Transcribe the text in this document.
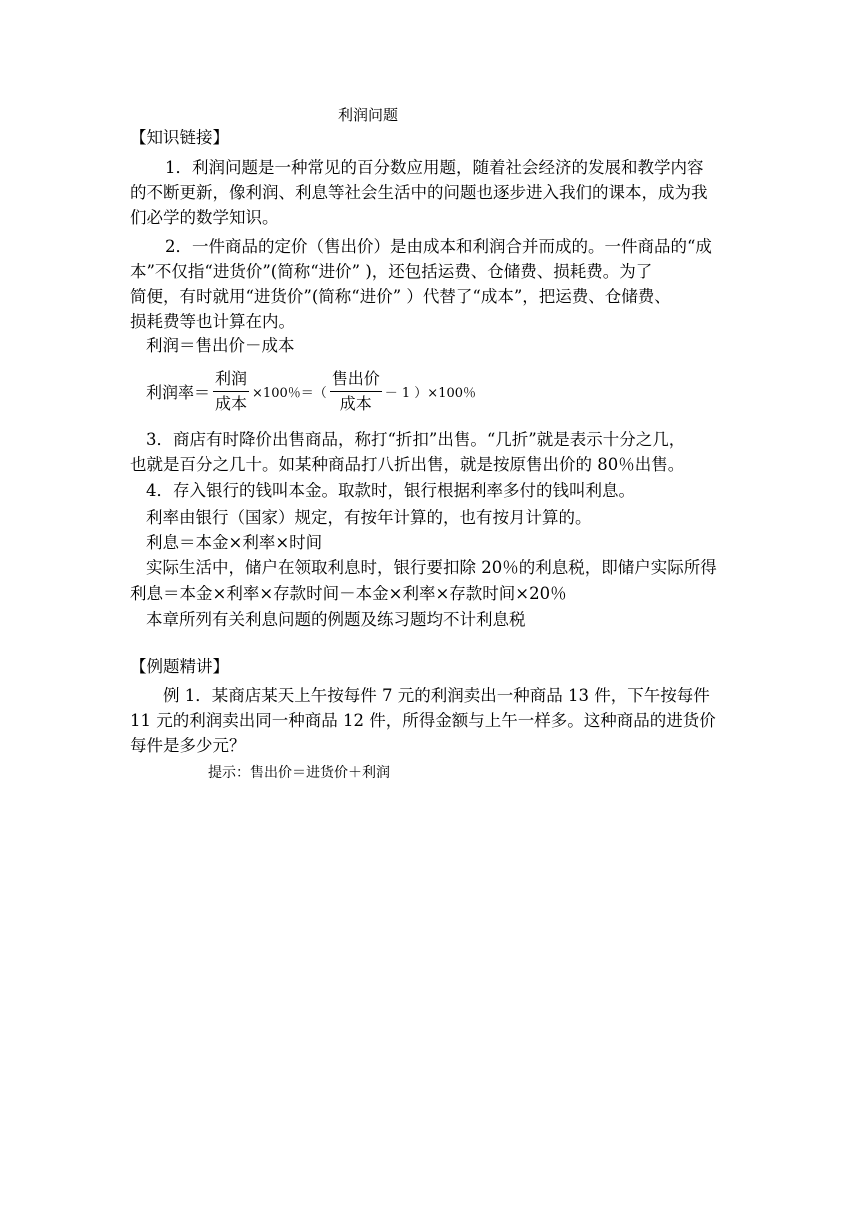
利润问题
【知识链接】
1．利润问题是一种常见的百分数应用题，随着社会经济的发展和教学内容
的不断更新，像利润、利息等社会生活中的问题也逐步进入我们的课本，成为我
们必学的数学知识。
2．一件商品的定价（售出价）是由成本和利润合并而成的。一件商品的“成
本”不仅指“进货价”(简称“进价” )，还包括运费、仓储费、损耗费。为了
简便，有时就用“进货价”(简称“进价” ）代替了“成本”，把运费、仓储费、
损耗费等也计算在内。
利润＝售出价－成本
利润率＝ $\frac{\text{利润}}{\text{成本}} \times 100$％＝（ $\frac{\text{售出价}}{\text{成本}} - 1$ ）×100％
3．商店有时降价出售商品，称打“折扣”出售。“几折”就是表示十分之几，
也就是百分之几十。如某种商品打八折出售，就是按原售出价的 80％出售。
4．存入银行的钱叫本金。取款时，银行根据利率多付的钱叫利息。
利率由银行（国家）规定，有按年计算的，也有按月计算的。
利息＝本金×利率×时间
实际生活中，储户在领取利息时，银行要扣除 20％的利息税，即储户实际所得
利息＝本金×利率×存款时间－本金×利率×存款时间×20％
本章所列有关利息问题的例题及练习题均不计利息税
【例题精讲】
例 1．某商店某天上午按每件 7 元的利润卖出一种商品 13 件，下午按每件
11 元的利润卖出同一种商品 12 件，所得金额与上午一样多。这种商品的进货价
每件是多少元？
提示：售出价＝进货价＋利润
